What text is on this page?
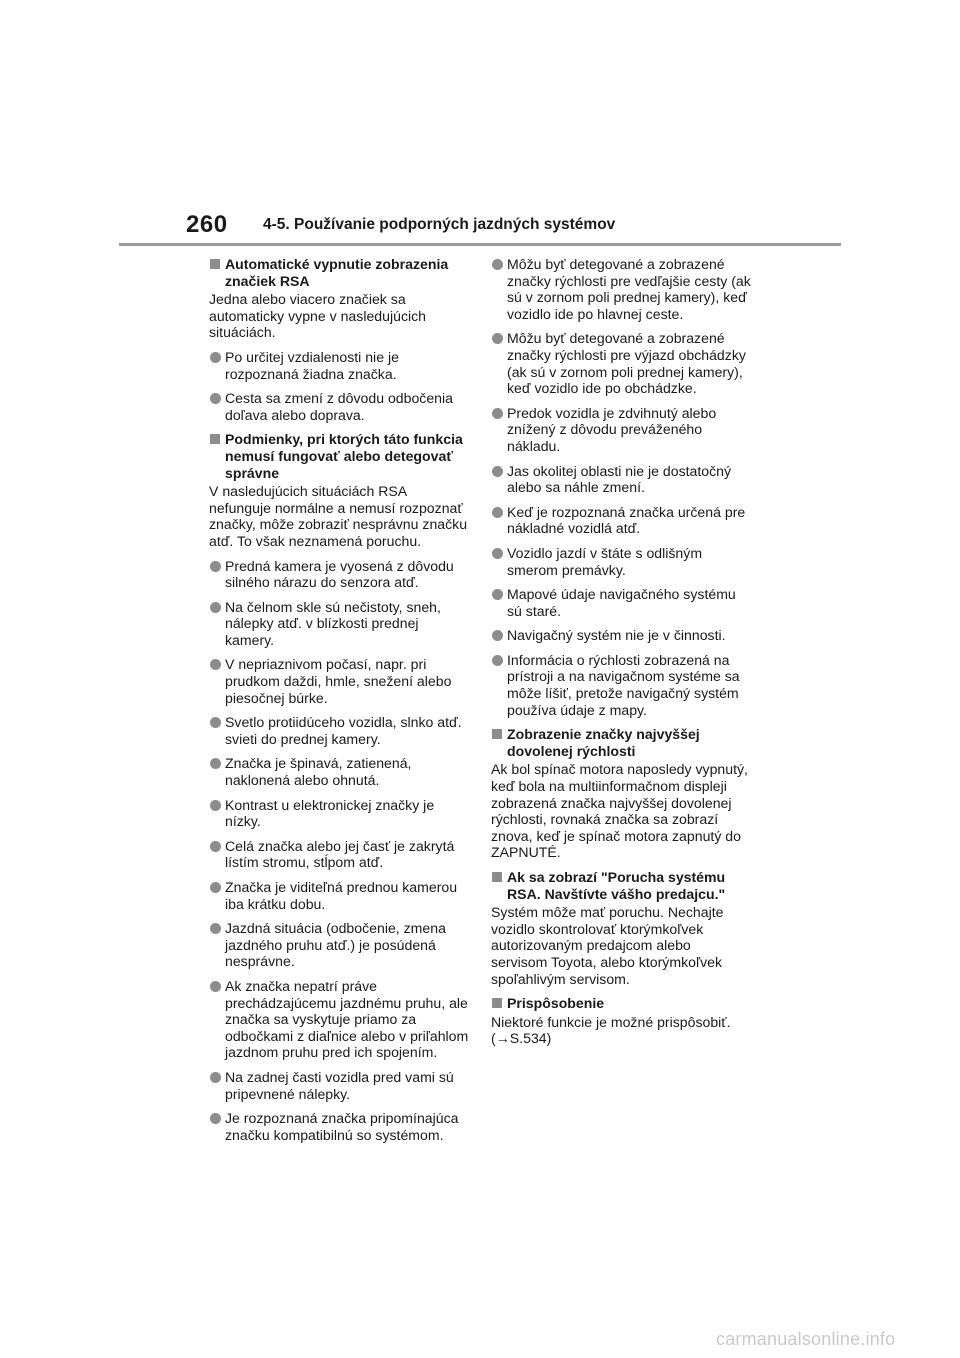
260 4-5. Používanie podporných jazdných systémov
Automatické vypnutie zobrazenia značiek RSA
Jedna alebo viacero značiek sa automaticky vypne v nasledujúcich situáciách.
Po určitej vzdialenosti nie je rozpoznaná žiadna značka.
Cesta sa zmení z dôvodu odbočenia doľava alebo doprava.
Podmienky, pri ktorých táto funkcia nemusí fungovať alebo detegovať správne
V nasledujúcich situáciách RSA nefunguje normálne a nemusí rozpoznať značky, môže zobraziť nesprávnu značku atď. To však neznamená poruchu.
Predná kamera je vyosená z dôvodu silného nárazu do senzora atď.
Na čelnom skle sú nečistoty, sneh, nálepky atď. v blízkosti prednej kamery.
V nepriaznivom počasí, napr. pri prudkom daždi, hmle, snežení alebo piesočnej búrke.
Svetlo protiidúceho vozidla, slnko atď. svieti do prednej kamery.
Značka je špinavá, zatienená, naklonená alebo ohnutá.
Kontrast u elektronickej značky je nízky.
Celá značka alebo jej časť je zakrytá lístím stromu, stĺpom atď.
Značka je viditeľná prednou kamerou iba krátku dobu.
Jazdná situácia (odbočenie, zmena jazdného pruhu atď.) je posúdená nesprávne.
Ak značka nepatrí práve prechádzajúcemu jazdnému pruhu, ale značka sa vyskytuje priamo za odbočkami z diaľnice alebo v priľahlom jazdnom pruhu pred ich spojením.
Na zadnej časti vozidla pred vami sú pripevnené nálepky.
Je rozpoznaná značka pripomínajúca značku kompatibilnú so systémom.
Môžu byť detegované a zobrazené značky rýchlosti pre vedľajšie cesty (ak sú v zornom poli prednej kamery), keď vozidlo ide po hlavnej ceste.
Môžu byť detegované a zobrazené značky rýchlosti pre výjazd obchádzky (ak sú v zornom poli prednej kamery), keď vozidlo ide po obchádzke.
Predok vozidla je zdvihnutý alebo znížený z dôvodu preváženého nákladu.
Jas okolitej oblasti nie je dostatočný alebo sa náhle zmení.
Keď je rozpoznaná značka určená pre nákladné vozidlá atď.
Vozidlo jazdí v štáte s odlišným smerom premávky.
Mapové údaje navigačného systému sú staré.
Navigačný systém nie je v činnosti.
Informácia o rýchlosti zobrazená na prístroji a na navigačnom systéme sa môže líšiť, pretože navigačný systém používa údaje z mapy.
Zobrazenie značky najvyššej dovolenej rýchlosti
Ak bol spínač motora naposledy vypnutý, keď bola na multiinformačnom displeji zobrazená značka najvyššej dovolenej rýchlosti, rovnaká značka sa zobrazí znova, keď je spínač motora zapnutý do ZAPNUTÉ.
Ak sa zobrazí "Porucha systému RSA. Navštívte vášho predajcu."
Systém môže mať poruchu. Nechajte vozidlo skontrolovať ktorýmkoľvek autorizovaným predajcom alebo servisom Toyota, alebo ktorýmkoľvek spoľahlivým servisom.
Prispôsobenie
Niektoré funkcie je možné prispôsobiť. (→S.534)
carmanualsonline.info
